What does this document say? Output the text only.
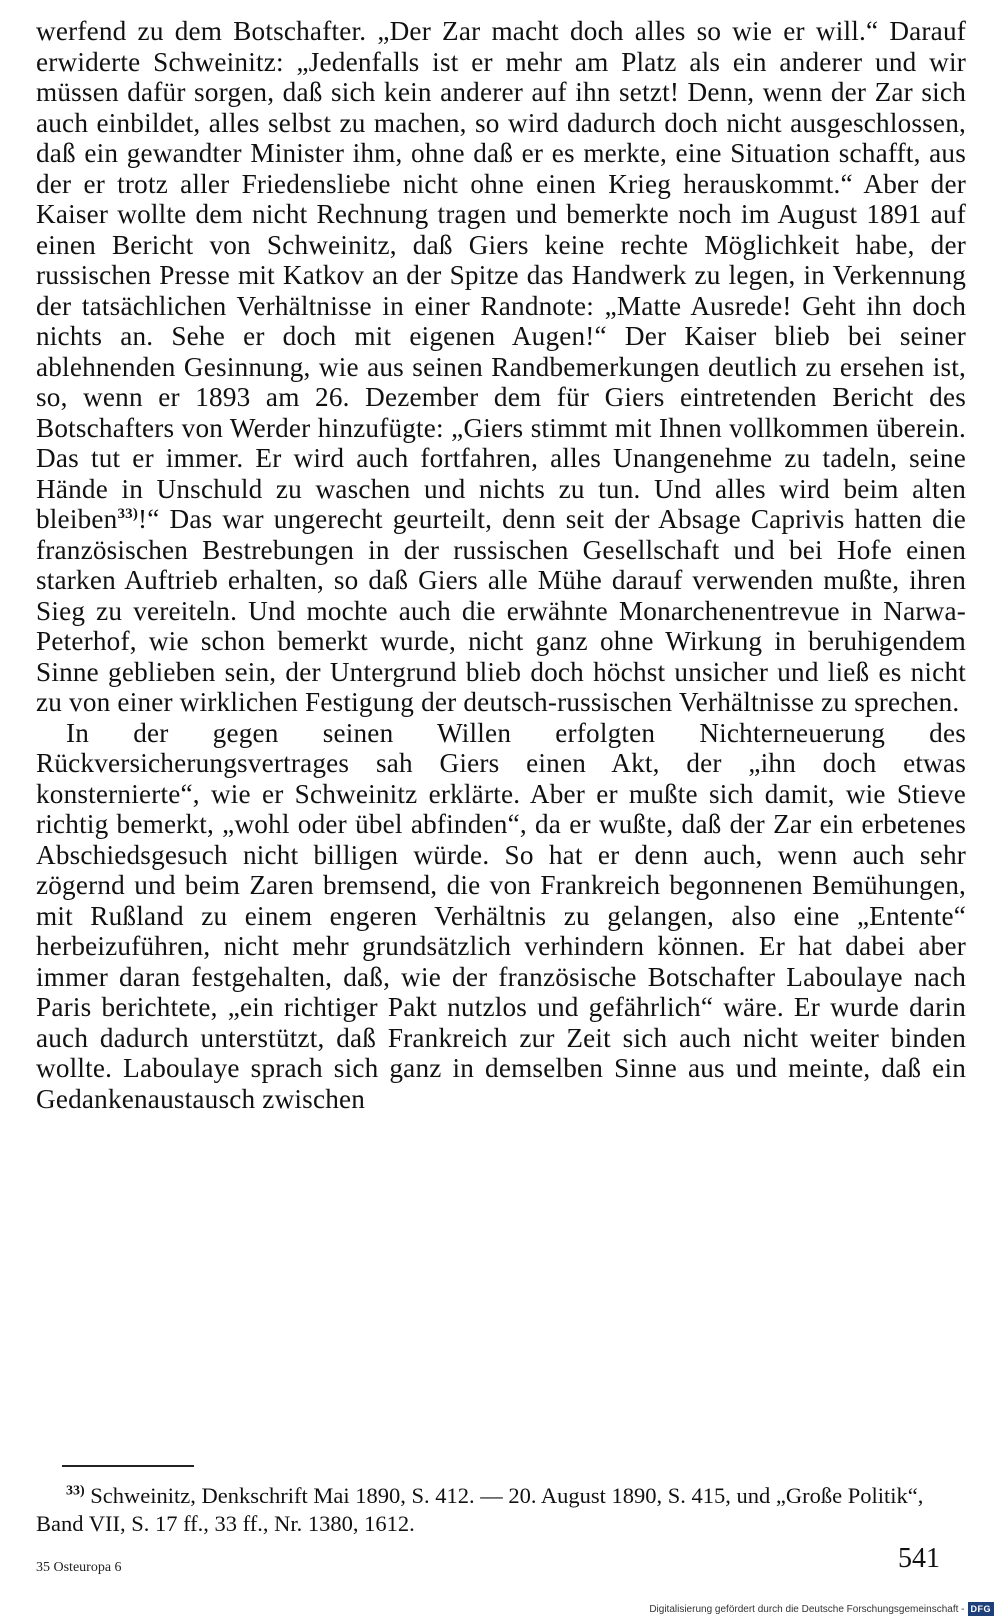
werfend zu dem Botschafter. „Der Zar macht doch alles so wie er will.“ Darauf erwiderte Schweinitz: „Jedenfalls ist er mehr am Platz als ein anderer und wir müssen dafür sorgen, daß sich kein anderer auf ihn setzt! Denn, wenn der Zar sich auch einbildet, alles selbst zu machen, so wird dadurch doch nicht ausgeschlossen, daß ein gewandter Minister ihm, ohne daß er es merkte, eine Situation schafft, aus der er trotz aller Friedensliebe nicht ohne einen Krieg herauskommt.“ Aber der Kaiser wollte dem nicht Rechnung tragen und bemerkte noch im August 1891 auf einen Bericht von Schweinitz, daß Giers keine rechte Möglichkeit habe, der russischen Presse mit Katkov an der Spitze das Handwerk zu legen, in Verkennung der tatsächlichen Verhältnisse in einer Randnote: „Matte Ausrede! Geht ihn doch nichts an. Sehe er doch mit eigenen Augen!“ Der Kaiser blieb bei seiner ablehnenden Gesinnung, wie aus seinen Randbemerkungen deutlich zu ersehen ist, so, wenn er 1893 am 26. Dezember dem für Giers eintretenden Bericht des Botschafters von Werder hinzufügte: „Giers stimmt mit Ihnen vollkommen überein. Das tut er immer. Er wird auch fortfahren, alles Unangenehme zu tadeln, seine Hände in Unschuld zu waschen und nichts zu tun. Und alles wird beim alten bleiben$^{33)}$!“ Das war ungerecht geurteilt, denn seit der Absage Caprivis hatten die französischen Bestrebungen in der russischen Gesellschaft und bei Hofe einen starken Auftrieb erhalten, so daß Giers alle Mühe darauf verwenden mußte, ihren Sieg zu vereiteln. Und mochte auch die erwähnte Monarchenentrevue in Narwa-Peterhof, wie schon bemerkt wurde, nicht ganz ohne Wirkung in beruhigendem Sinne geblieben sein, der Untergrund blieb doch höchst unsicher und ließ es nicht zu von einer wirklichen Festigung der deutsch-russischen Verhältnisse zu sprechen.

In der gegen seinen Willen erfolgten Nichterneuerung des Rückversicherungsvertrages sah Giers einen Akt, der „ihn doch etwas konsternierte“, wie er Schweinitz erklärte. Aber er mußte sich damit, wie Stieve richtig bemerkt, „wohl oder übel abfinden“, da er wußte, daß der Zar ein erbetenes Abschiedsgesuch nicht billigen würde. So hat er denn auch, wenn auch sehr zögernd und beim Zaren bremsend, die von Frankreich begonnenen Bemühungen, mit Rußland zu einem engeren Verhältnis zu gelangen, also eine „Entente“ herbeizuführen, nicht mehr grundsätzlich verhindern können. Er hat dabei aber immer daran festgehalten, daß, wie der französische Botschafter Laboulaye nach Paris berichtete, „ein richtiger Pakt nutzlos und gefährlich“ wäre. Er wurde darin auch dadurch unterstützt, daß Frankreich zur Zeit sich auch nicht weiter binden wollte. Laboulaye sprach sich ganz in demselben Sinne aus und meinte, daß ein Gedankenaustausch zwischen

$^{33)}$ Schweinitz, Denkschrift Mai 1890, S. 412. — 20. August 1890, S. 415, und „Große Politik“, Band VII, S. 17 ff., 33 ff., Nr. 1380, 1612.

35 Osteuropa 6	541
Digitalisierung gefördert durch die Deutsche Forschungsgemeinschaft - DFG
